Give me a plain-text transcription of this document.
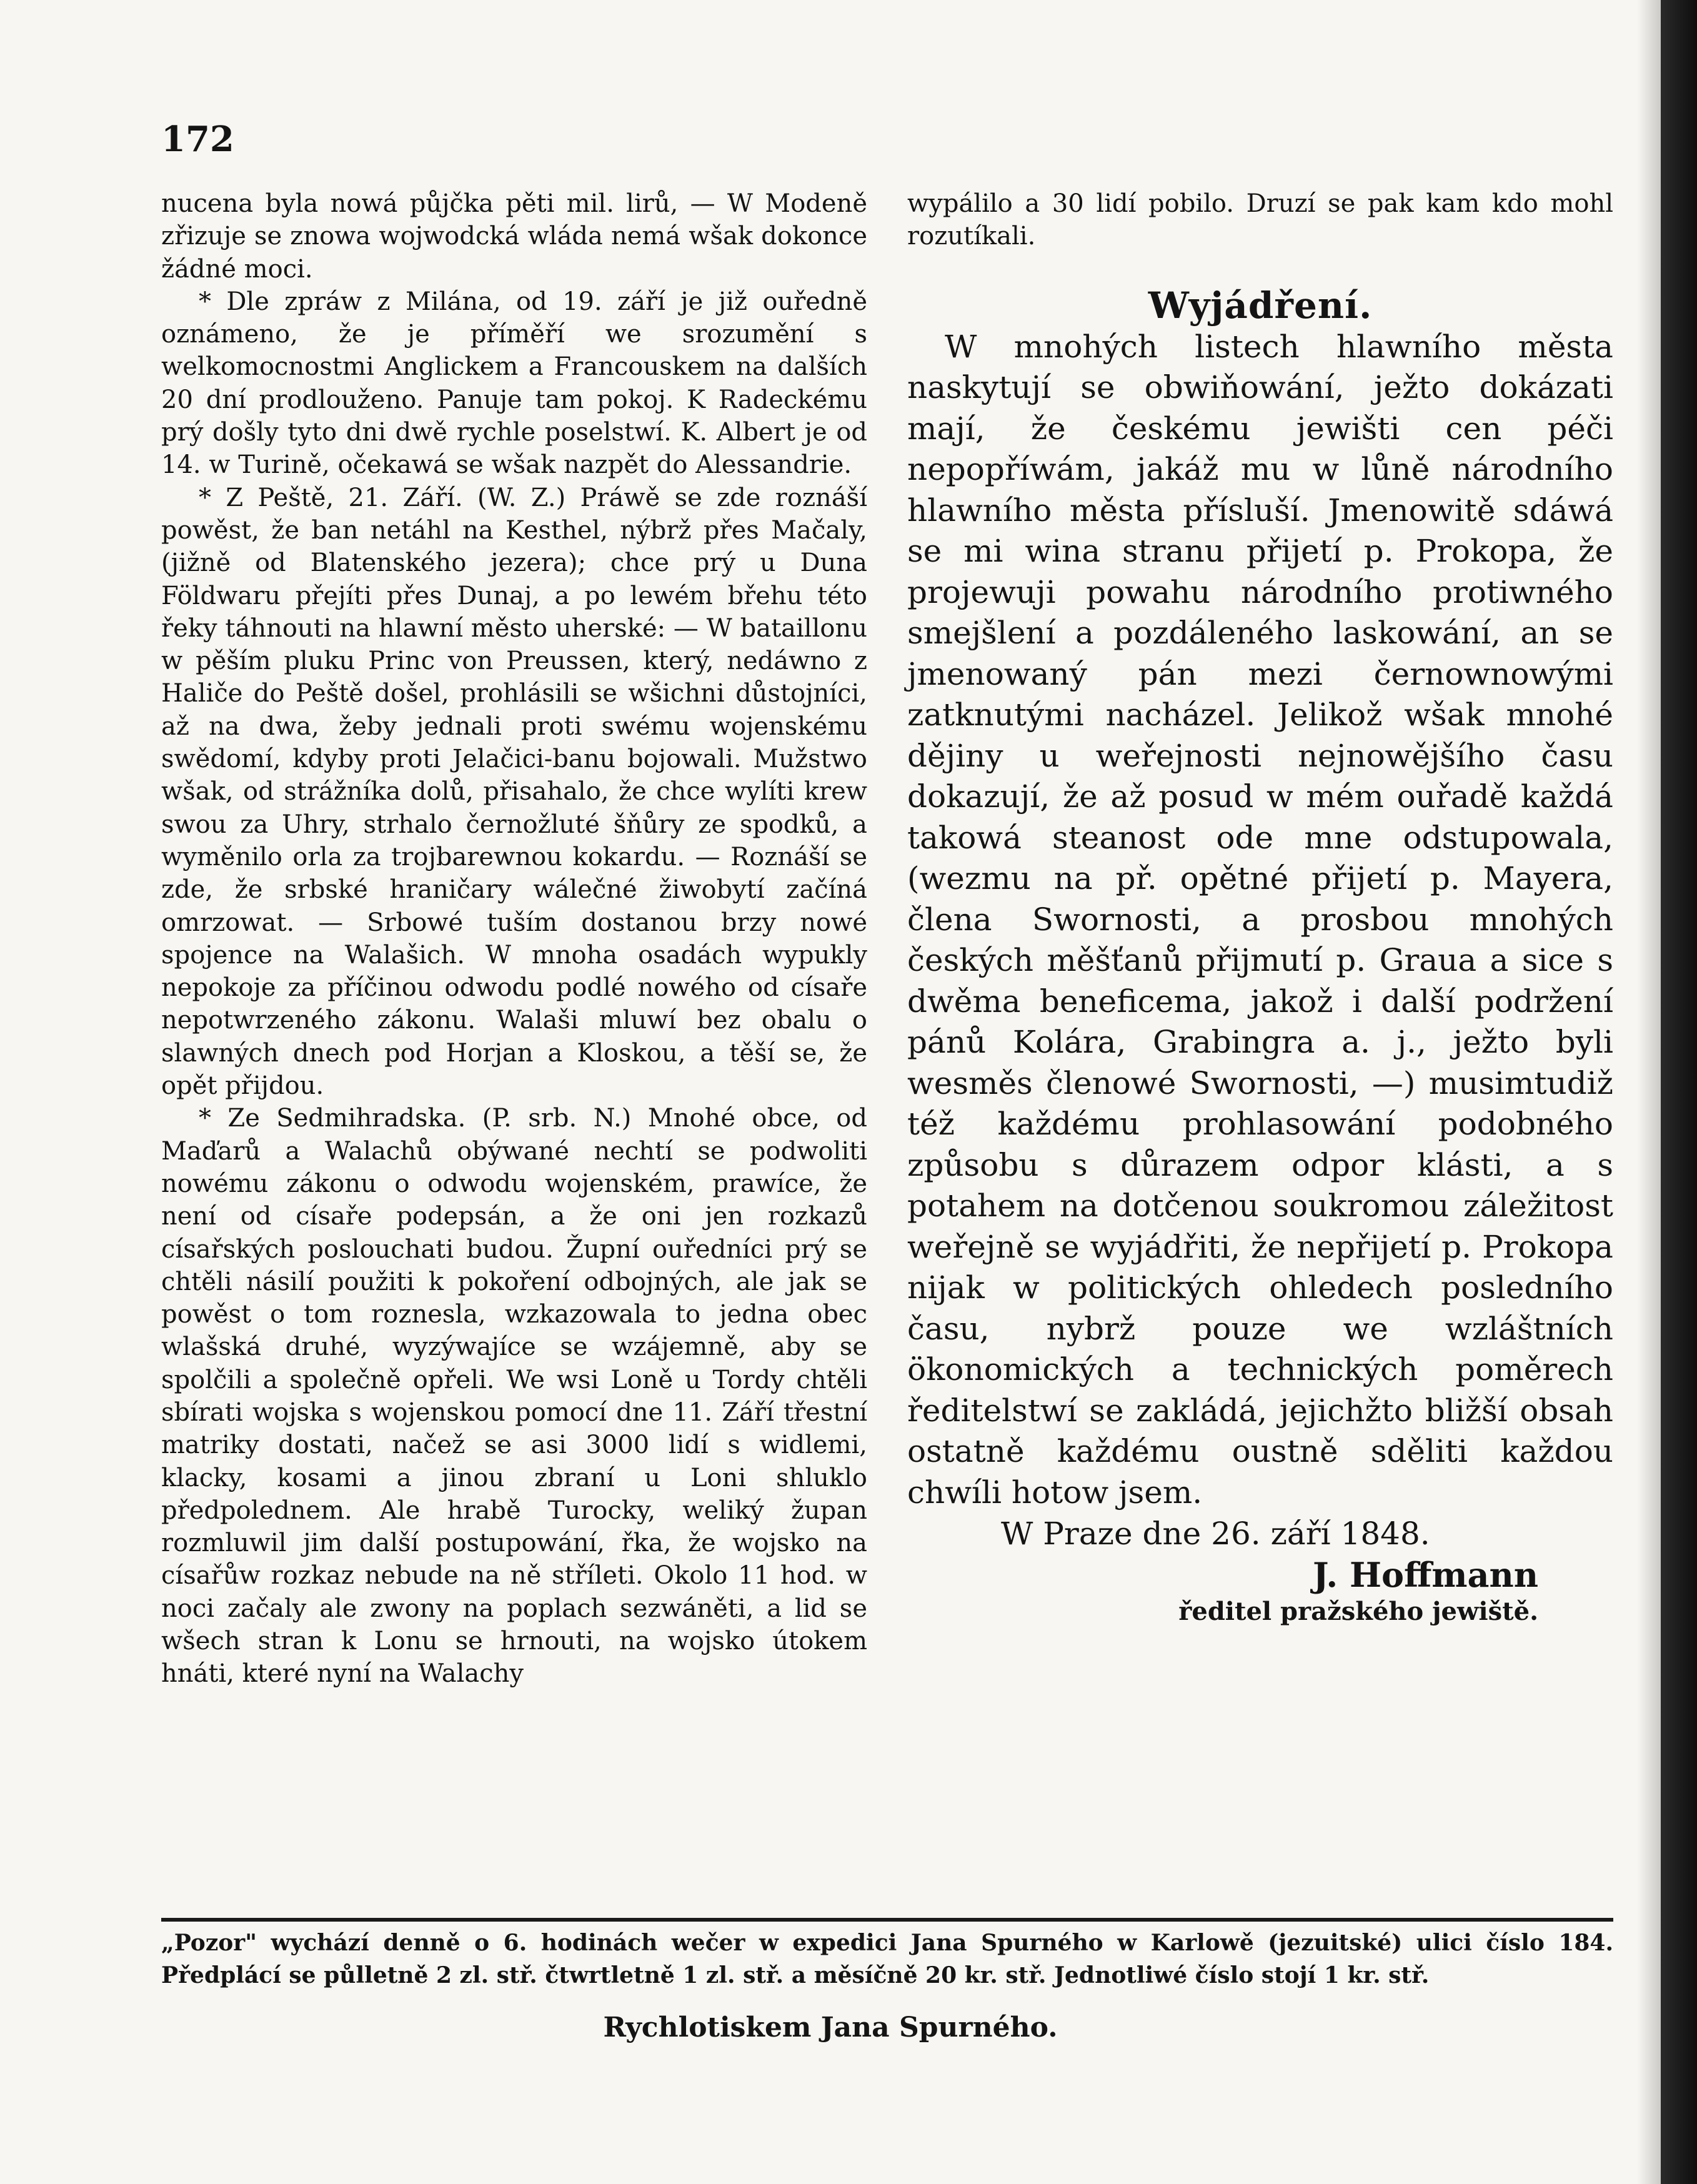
172

nucena byla nowá půjčka pěti mil. lirů, — W Modeně zřizuje se znowa wojwodcká wláda nemá wšak dokonce žádné moci.

* Dle zpráw z Milána, od 19. září je již ouředně oznámeno, že je příměří we srozumění s welkomocnostmi Anglickem a Francouskem na dalších 20 dní prodlouženo. Panuje tam pokoj. K Radeckému prý došly tyto dni dwě rychle poselstwí. K. Albert je od 14. w Turině, očekawá se wšak nazpět do Alessandrie.

* Z Peště, 21. Září. (W. Z.) Práwě se zde roznáší powěst, že ban netáhl na Kesthel, nýbrž přes Mačaly, (jižně od Blatenského jezera); chce prý u Duna Földwaru přejíti přes Dunaj, a po lewém břehu této řeky táhnouti na hlawní město uherské: — W bataillonu w pěším pluku Princ von Preussen, který, nedáwno z Haliče do Peště došel, prohlásili se wšichni důstojníci, až na dwa, žeby jednali proti swému wojenskému swědomí, kdyby proti Jelačici-banu bojowali. Mužstwo wšak, od strážníka dolů, přisahalo, že chce wylíti krew swou za Uhry, strhalo černožluté šňůry ze spodků, a wyměnilo orla za trojbarewnou kokardu. — Roznáší se zde, že srbské hraničary wálečné žiwobytí začíná omrzowat. — Srbowé tuším dostanou brzy nowé spojence na Walašich. W mnoha osadách wypukly nepokoje za příčinou odwodu podlé nowého od císaře nepotwrzeného zákonu. Walaši mluwí bez obalu o slawných dnech pod Horjan a Kloskou, a těší se, že opět přijdou.

* Ze Sedmihradska. (P. srb. N.) Mnohé obce, od Maďarů a Walachů obýwané nechtí se podwoliti nowému zákonu o odwodu wojenském, prawíce, že není od císaře podepsán, a že oni jen rozkazů císařských poslouchati budou. Župní ouředníci prý se chtěli násilí použiti k pokoření odbojných, ale jak se powěst o tom roznesla, wzkazowala to jedna obec wlašská druhé, wyzýwajíce se wzájemně, aby se spolčili a společně opřeli. We wsi Loně u Tordy chtěli sbírati wojska s wojenskou pomocí dne 11. Září třestní matriky dostati, načež se asi 3000 lidí s widlemi, klacky, kosami a jinou zbraní u Loni shluklo předpolednem. Ale hrabě Turocky, weliký župan rozmluwil jim další postupowání, řka, že wojsko na císařůw rozkaz nebude na ně stříleti. Okolo 11 hod. w noci začaly ale zwony na poplach sezwáněti, a lid se wšech stran k Lonu se hrnouti, na wojsko útokem hnáti, které nyní na Walachy

wypálilo a 30 lidí pobilo. Druzí se pak kam kdo mohl rozutíkali.

Wyjádření.

W mnohých listech hlawního města naskytují se obwiňowání, ježto dokázati mají, že českému jewišti cen péči nepopříwám, jakáž mu w lůně národního hlawního města přísluší. Jmenowitě sdáwá se mi wina stranu přijetí p. Prokopa, že projewuji powahu národního protiwného smejšlení a pozdáleného laskowání, an se jmenowaný pán mezi černownowými zatknutými nacházel. Jelikož wšak mnohé dějiny u weřejnosti nejnowějšího času dokazují, že až posud w mém ouřadě každá takowá steanost ode mne odstupowala, (wezmu na př. opětné přijetí p. Mayera, člena Swornosti, a prosbou mnohých českých měšťanů přijmutí p. Graua a sice s dwěma beneficema, jakož i další podržení pánů Kolára, Grabingra a. j., ježto byli wesměs členowé Swornosti, —) musimtudiž též každému prohlasowání podobného způsobu s důrazem odpor klásti, a s potahem na dotčenou soukromou záležitost weřejně se wyjádřiti, že nepřijetí p. Prokopa nijak w politických ohledech posledního času, nybrž pouze we wzláštních ökonomických a technických poměrech ředitelstwí se zakládá, jejichžto bližší obsah ostatně každému oustně sděliti každou chwíli hotow jsem.

W Praze dne 26. září 1848.

J. Hoffmann
ředitel pražského jewiště.

„Pozor" wychází denně o 6. hodinách wečer w expedici Jana Spurného w Karlowě (jezuitské) ulici číslo 184. Předplácí se půlletně 2 zl. stř. čtwrtletně 1 zl. stř. a měsíčně 20 kr. stř. Jednotliwé číslo stojí 1 kr. stř.

Rychlotiskem Jana Spurného.
